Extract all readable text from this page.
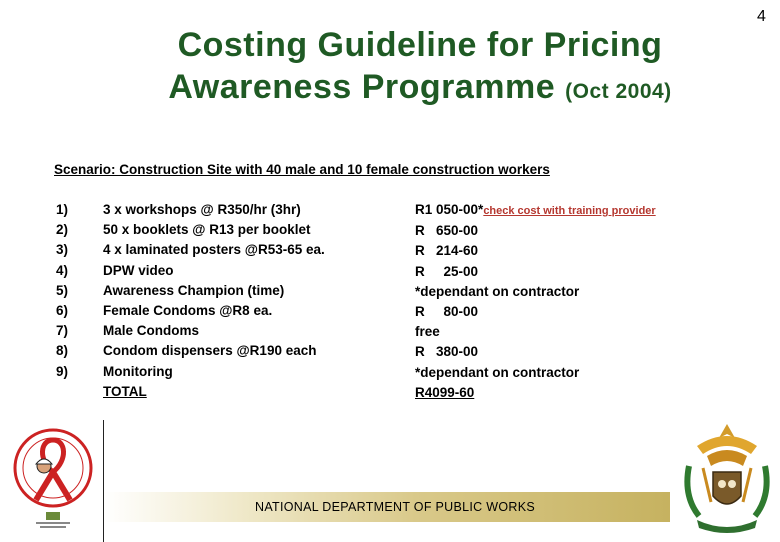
4
Costing Guideline for Pricing
Awareness Programme (Oct 2004)
Scenario: Construction Site with 40 male and 10 female construction workers
1)
2)
3)
4)
5)
6)
7)
8)
9)
3 x workshops @ R350/hr (3hr)
50 x booklets @ R13 per booklet
4 x laminated posters @R53-65 ea.
DPW video
Awareness Champion (time)
Female Condoms @R8 ea.
Male Condoms
Condom dispensers @R190 each
Monitoring
TOTAL
R1 050-00*check cost with training provider
R   650-00
R   214-60
R     25-00
*dependant on contractor
R     80-00
free
R   380-00
*dependant on contractor
R4099-60
NATIONAL DEPARTMENT OF PUBLIC WORKS
